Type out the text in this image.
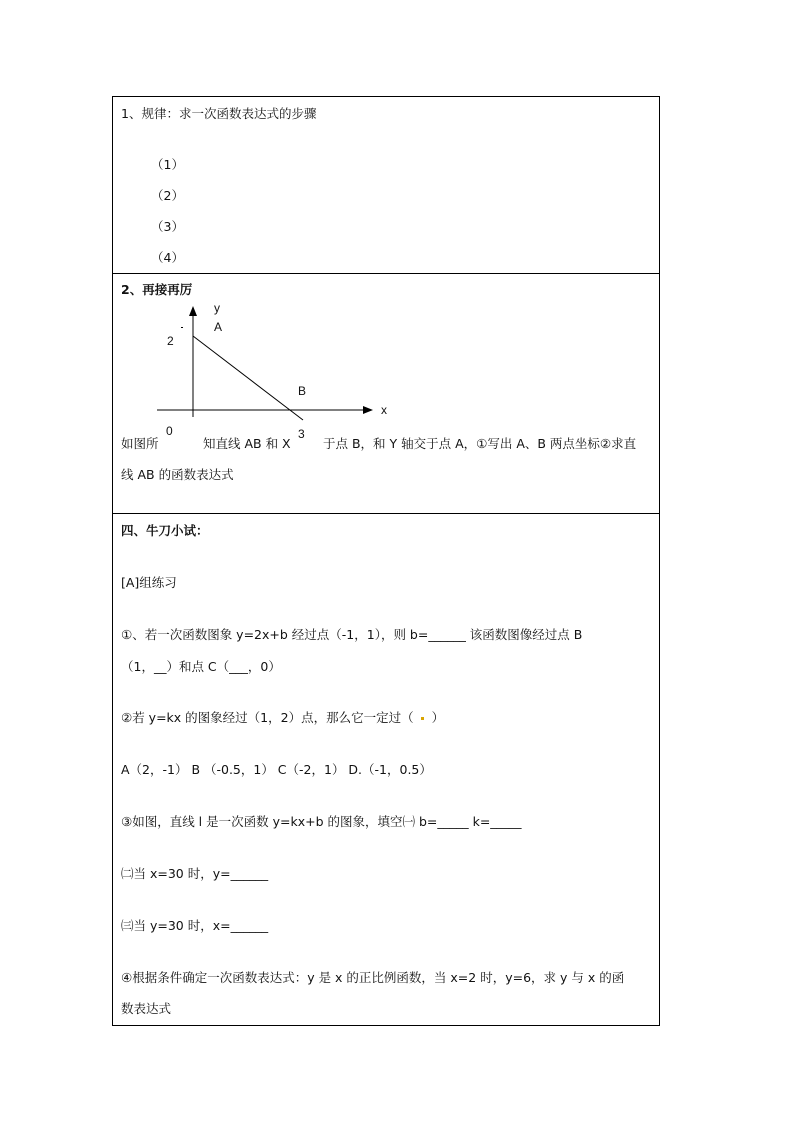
1、规律：求一次函数表达式的步骤
（1）
（2）
（3）
（4）
2、再接再厉
y
A
2
B
x
0	3
如图所	知直线 AB 和 X	于点 B，和 Y 轴交于点 A，①写出 A、B 两点坐标②求直
线 AB 的函数表达式
四、牛刀小试：
[A]组练习
①、若一次函数图象 y=2x+b 经过点（-1，1），则 b=______ 该函数图像经过点 B
（1，__）和点 C（___，0）
②若 y=kx 的图象经过（1，2）点，那么它一定过（ ）
A（2，-1） B （-0.5，1） C（-2，1） D.（-1，0.5）
③如图，直线 l 是一次函数 y=kx+b 的图象，填空㈠ b=_____ k=_____
㈡当 x=30 时，y=______
㈢当 y=30 时，x=______
④根据条件确定一次函数表达式：y 是 x 的正比例函数，当 x=2 时，y=6，求 y 与 x 的函
数表达式
